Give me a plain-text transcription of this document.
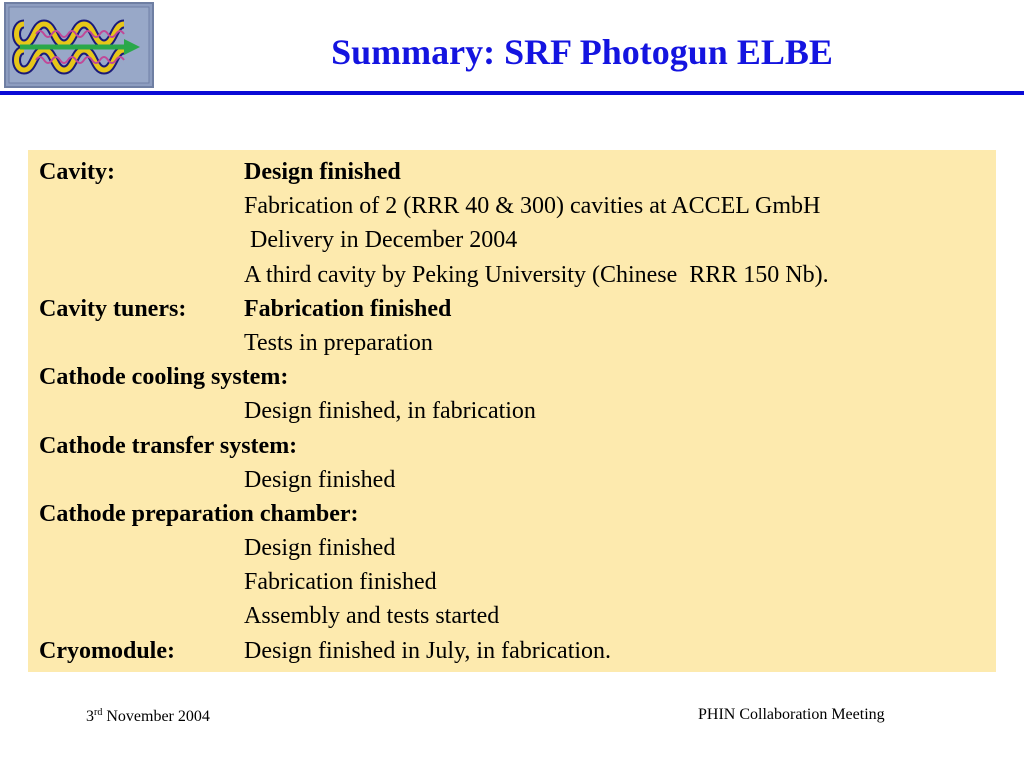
Summary: SRF Photogun ELBE
Cavity:	Design finished
Fabrication of 2 (RRR 40 & 300) cavities at ACCEL GmbH
Delivery in December 2004
A third cavity by Peking University (Chinese  RRR 150 Nb).
Cavity tuners: Fabrication finished
Tests in preparation
Cathode cooling system:
Design finished, in fabrication
Cathode transfer system:
Design finished
Cathode preparation chamber:
Design finished
Fabrication finished
Assembly and tests started
Cryomodule:	Design finished in July, in fabrication.
3rd November 2004	PHIN Collaboration Meeting
